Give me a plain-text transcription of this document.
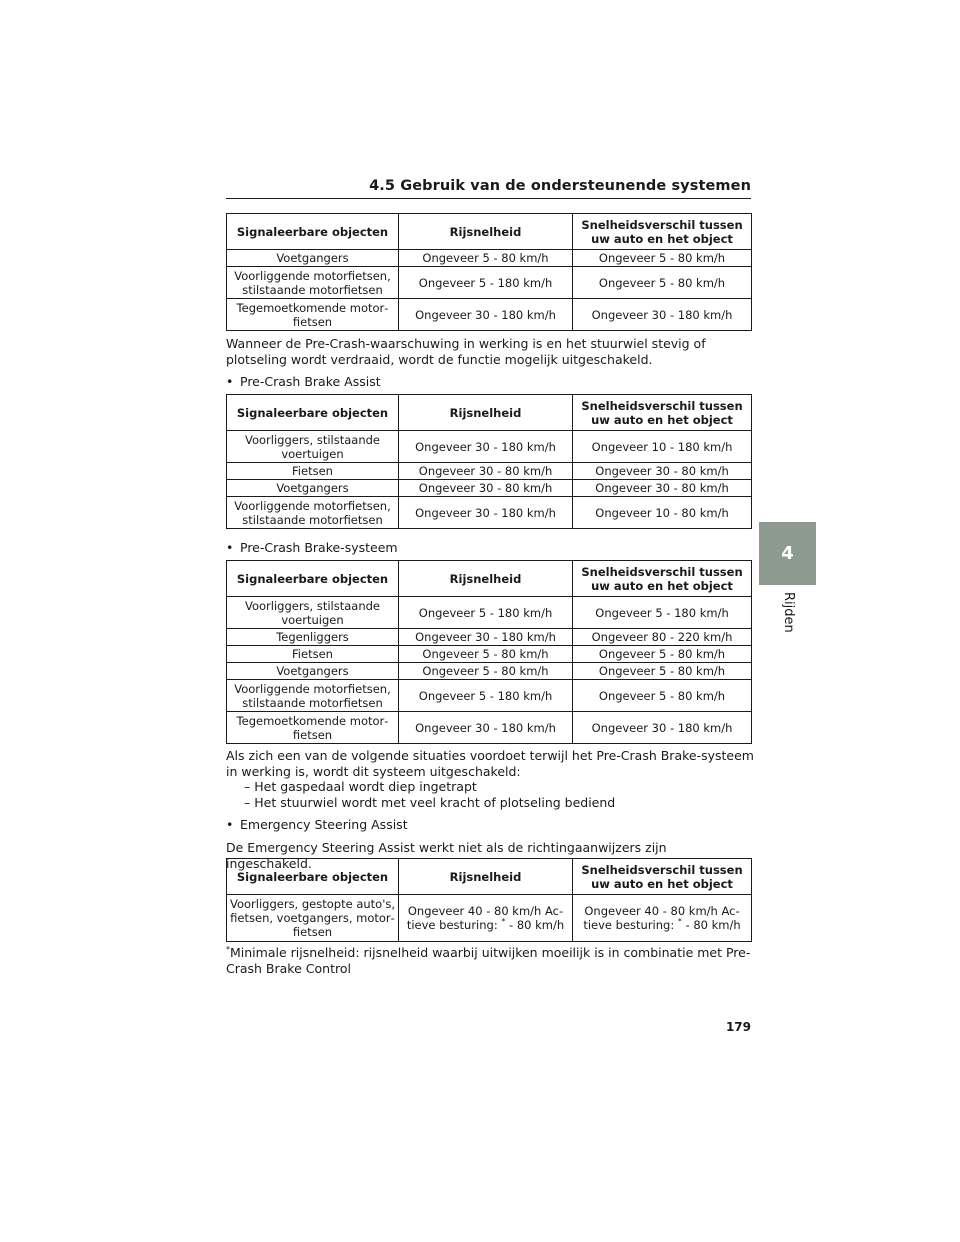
4.5 Gebruik van de ondersteunende systemen
Signaleerbare objecten	Rijsnelheid	Snelheidsverschil tussen uw auto en het object
Voetgangers	Ongeveer 5 - 80 km/h	Ongeveer 5 - 80 km/h
Voorliggende motorfietsen, stilstaande motorfietsen	Ongeveer 5 - 180 km/h	Ongeveer 5 - 80 km/h
Tegemoetkomende motorfietsen	Ongeveer 30 - 180 km/h	Ongeveer 30 - 180 km/h
Wanneer de Pre-Crash-waarschuwing in werking is en het stuurwiel stevig of plotseling wordt verdraaid, wordt de functie mogelijk uitgeschakeld.
• Pre-Crash Brake Assist
Signaleerbare objecten	Rijsnelheid	Snelheidsverschil tussen uw auto en het object
Voorliggers, stilstaande voertuigen	Ongeveer 30 - 180 km/h	Ongeveer 10 - 180 km/h
Fietsen	Ongeveer 30 - 80 km/h	Ongeveer 30 - 80 km/h
Voetgangers	Ongeveer 30 - 80 km/h	Ongeveer 30 - 80 km/h
Voorliggende motorfietsen, stilstaande motorfietsen	Ongeveer 30 - 180 km/h	Ongeveer 10 - 80 km/h
• Pre-Crash Brake-systeem
Signaleerbare objecten	Rijsnelheid	Snelheidsverschil tussen uw auto en het object
Voorliggers, stilstaande voertuigen	Ongeveer 5 - 180 km/h	Ongeveer 5 - 180 km/h
Tegenliggers	Ongeveer 30 - 180 km/h	Ongeveer 80 - 220 km/h
Fietsen	Ongeveer 5 - 80 km/h	Ongeveer 5 - 80 km/h
Voetgangers	Ongeveer 5 - 80 km/h	Ongeveer 5 - 80 km/h
Voorliggende motorfietsen, stilstaande motorfietsen	Ongeveer 5 - 180 km/h	Ongeveer 5 - 80 km/h
Tegemoetkomende motorfietsen	Ongeveer 30 - 180 km/h	Ongeveer 30 - 180 km/h
Als zich een van de volgende situaties voordoet terwijl het Pre-Crash Brake-systeem in werking is, wordt dit systeem uitgeschakeld:
– Het gaspedaal wordt diep ingetrapt
– Het stuurwiel wordt met veel kracht of plotseling bediend
• Emergency Steering Assist
De Emergency Steering Assist werkt niet als de richtingaanwijzers zijn ingeschakeld.
Signaleerbare objecten	Rijsnelheid	Snelheidsverschil tussen uw auto en het object
Voorliggers, gestopte auto's, fietsen, voetgangers, motorfietsen	Ongeveer 40 - 80 km/h Actieve besturing: * - 80 km/h	Ongeveer 40 - 80 km/h Actieve besturing: * - 80 km/h
*Minimale rijsnelheid: rijsnelheid waarbij uitwijken moeilijk is in combinatie met Pre-Crash Brake Control
179
4
Rijden
